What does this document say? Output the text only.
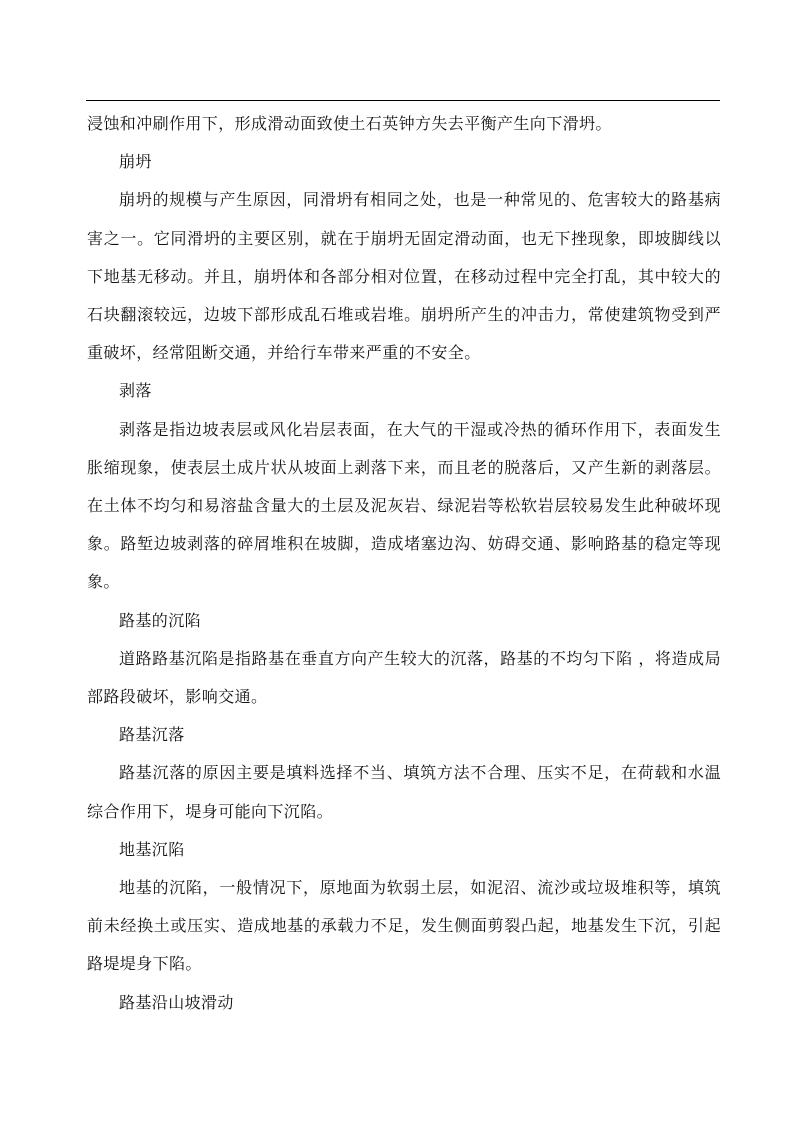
浸蚀和冲刷作用下，形成滑动面致使土石英钟方失去平衡产生向下滑坍。

崩坍

崩坍的规模与产生原因，同滑坍有相同之处，也是一种常见的、危害较大的路基病害之一。它同滑坍的主要区别，就在于崩坍无固定滑动面，也无下挫现象，即坡脚线以下地基无移动。并且，崩坍体和各部分相对位置，在移动过程中完全打乱，其中较大的石块翻滚较远，边坡下部形成乱石堆或岩堆。崩坍所产生的冲击力，常使建筑物受到严重破坏，经常阻断交通，并给行车带来严重的不安全。

剥落

剥落是指边坡表层或风化岩层表面，在大气的干湿或冷热的循环作用下，表面发生胀缩现象，使表层土成片状从坡面上剥落下来，而且老的脱落后，又产生新的剥落层。在土体不均匀和易溶盐含量大的土层及泥灰岩、绿泥岩等松软岩层较易发生此种破坏现象。路堑边坡剥落的碎屑堆积在坡脚，造成堵塞边沟、妨碍交通、影响路基的稳定等现象。

路基的沉陷

道路路基沉陷是指路基在垂直方向产生较大的沉落，路基的不均匀下陷 ，将造成局部路段破坏，影响交通。

路基沉落

路基沉落的原因主要是填料选择不当、填筑方法不合理、压实不足，在荷载和水温综合作用下，堤身可能向下沉陷。

地基沉陷

地基的沉陷，一般情况下，原地面为软弱土层，如泥沼、流沙或垃圾堆积等，填筑前未经换土或压实、造成地基的承载力不足，发生侧面剪裂凸起，地基发生下沉，引起路堤堤身下陷。

路基沿山坡滑动
